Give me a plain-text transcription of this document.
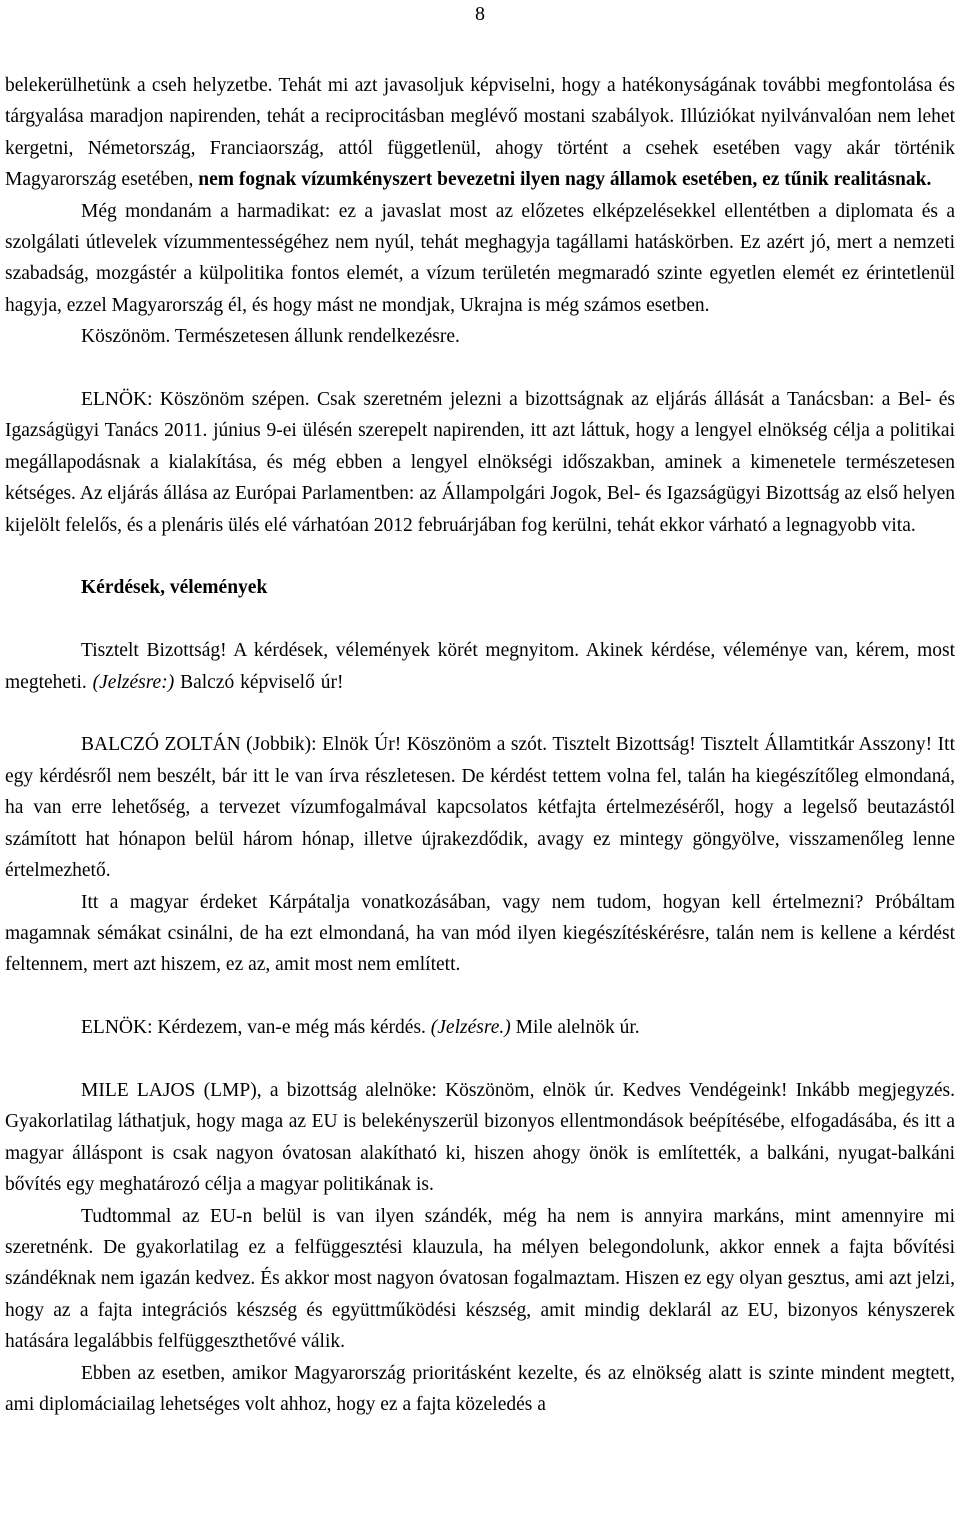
8

belekerülhetünk a cseh helyzetbe. Tehát mi azt javasoljuk képviselni, hogy a hatékonyságának további megfontolása és tárgyalása maradjon napirenden, tehát a reciprocitásban meglévő mostani szabályok. Illúziókat nyilvánvalóan nem lehet kergetni, Németország, Franciaország, attól függetlenül, ahogy történt a csehek esetében vagy akár történik Magyarország esetében, nem fognak vízumkényszert bevezetni ilyen nagy államok esetében, ez tűnik realitásnak.

Még mondanám a harmadikat: ez a javaslat most az előzetes elképzelésekkel ellentétben a diplomata és a szolgálati útlevelek vízummentességéhez nem nyúl, tehát meghagyja tagállami hatáskörben. Ez azért jó, mert a nemzeti szabadság, mozgástér a külpolitika fontos elemét, a vízum területén megmaradó szinte egyetlen elemét ez érintetlenül hagyja, ezzel Magyarország él, és hogy mást ne mondjak, Ukrajna is még számos esetben.

Köszönöm. Természetesen állunk rendelkezésre.

ELNÖK: Köszönöm szépen. Csak szeretném jelezni a bizottságnak az eljárás állását a Tanácsban: a Bel- és Igazságügyi Tanács 2011. június 9-ei ülésén szerepelt napirenden, itt azt láttuk, hogy a lengyel elnökség célja a politikai megállapodásnak a kialakítása, és még ebben a lengyel elnökségi időszakban, aminek a kimenetele természetesen kétséges. Az eljárás állása az Európai Parlamentben: az Állampolgári Jogok, Bel- és Igazságügyi Bizottság az első helyen kijelölt felelős, és a plenáris ülés elé várhatóan 2012 februárjában fog kerülni, tehát ekkor várható a legnagyobb vita.

Kérdések, vélemények

Tisztelt Bizottság! A kérdések, vélemények körét megnyitom. Akinek kérdése, véleménye van, kérem, most megteheti. (Jelzésre:) Balczó képviselő úr!

BALCZÓ ZOLTÁN (Jobbik): Elnök Úr! Köszönöm a szót. Tisztelt Bizottság! Tisztelt Államtitkár Asszony! Itt egy kérdésről nem beszélt, bár itt le van írva részletesen. De kérdést tettem volna fel, talán ha kiegészítőleg elmondaná, ha van erre lehetőség, a tervezet vízumfogalmával kapcsolatos kétfajta értelmezéséről, hogy a legelső beutazástól számított hat hónapon belül három hónap, illetve újrakezdődik, avagy ez mintegy göngyölve, visszamenőleg lenne értelmezhető.

Itt a magyar érdeket Kárpátalja vonatkozásában, vagy nem tudom, hogyan kell értelmezni? Próbáltam magamnak sémákat csinálni, de ha ezt elmondaná, ha van mód ilyen kiegészítéskérésre, talán nem is kellene a kérdést feltennem, mert azt hiszem, ez az, amit most nem említett.

ELNÖK: Kérdezem, van-e még más kérdés. (Jelzésre.) Mile alelnök úr.

MILE LAJOS (LMP), a bizottság alelnöke: Köszönöm, elnök úr. Kedves Vendégeink! Inkább megjegyzés. Gyakorlatilag láthatjuk, hogy maga az EU is belekényszerül bizonyos ellentmondások beépítésébe, elfogadásába, és itt a magyar álláspont is csak nagyon óvatosan alakítható ki, hiszen ahogy önök is említették, a balkáni, nyugat-balkáni bővítés egy meghatározó célja a magyar politikának is.

Tudtommal az EU-n belül is van ilyen szándék, még ha nem is annyira markáns, mint amennyire mi szeretnénk. De gyakorlatilag ez a felfüggesztési klauzula, ha mélyen belegondolunk, akkor ennek a fajta bővítési szándéknak nem igazán kedvez. És akkor most nagyon óvatosan fogalmaztam. Hiszen ez egy olyan gesztus, ami azt jelzi, hogy az a fajta integrációs készség és együttműködési készség, amit mindig deklarál az EU, bizonyos kényszerek hatására legalábbis felfüggeszthetővé válik.

Ebben az esetben, amikor Magyarország prioritásként kezelte, és az elnökség alatt is szinte mindent megtett, ami diplomáciailag lehetséges volt ahhoz, hogy ez a fajta közeledés a
